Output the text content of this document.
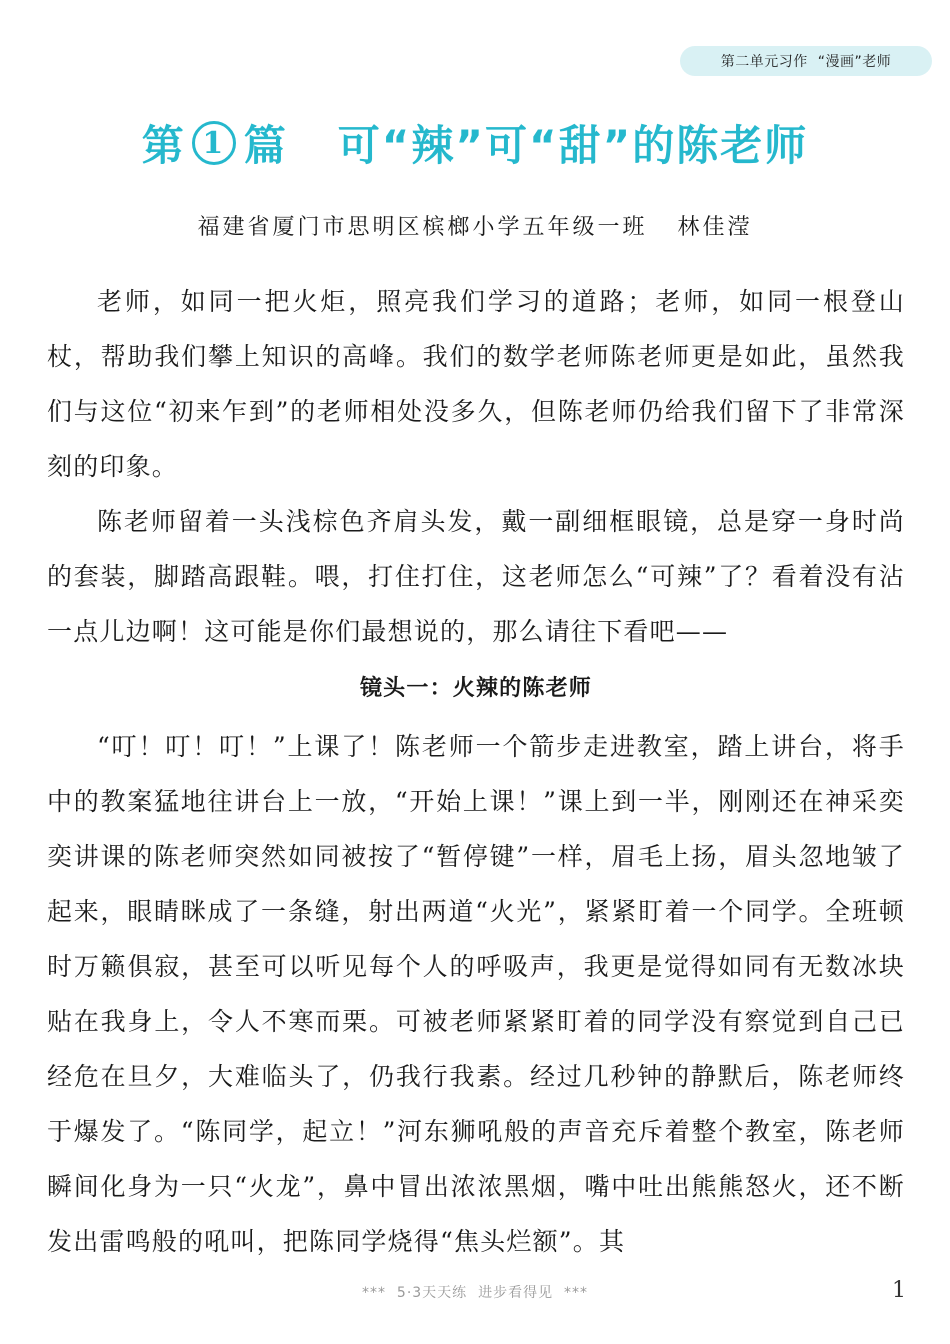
第二单元习作  “漫画”老师
第 1 篇 可“辣”可“甜”的陈老师
福建省厦门市思明区槟榔小学五年级一班   林佳滢

老师，如同一把火炬，照亮我们学习的道路；老师，如同一根登山杖，帮助我们攀上知识的高峰。我们的数学老师陈老师更是如此，虽然我们与这位“初来乍到”的老师相处没多久，但陈老师仍给我们留下了非常深刻的印象。

陈老师留着一头浅棕色齐肩头发，戴一副细框眼镜，总是穿一身时尚的套装，脚踏高跟鞋。喂，打住打住，这老师怎么“可辣”了？看着没有沾一点儿边啊！这可能是你们最想说的，那么请往下看吧——

镜头一：火辣的陈老师

“叮！叮！叮！”上课了！陈老师一个箭步走进教室，踏上讲台，将手中的教案猛地往讲台上一放，“开始上课！”课上到一半，刚刚还在神采奕奕讲课的陈老师突然如同被按了“暂停键”一样，眉毛上扬，眉头忽地皱了起来，眼睛眯成了一条缝，射出两道“火光”，紧紧盯着一个同学。全班顿时万籁俱寂，甚至可以听见每个人的呼吸声，我更是觉得如同有无数冰块贴在我身上，令人不寒而栗。可被老师紧紧盯着的同学没有察觉到自己已经危在旦夕，大难临头了，仍我行我素。经过几秒钟的静默后，陈老师终于爆发了。“陈同学，起立！”河东狮吼般的声音充斥着整个教室，陈老师瞬间化身为一只“火龙”，鼻中冒出浓浓黑烟，嘴中吐出熊熊怒火，还不断发出雷鸣般的吼叫，把陈同学烧得“焦头烂额”。其

***  5·3天天练  进步看得见  ***	1
